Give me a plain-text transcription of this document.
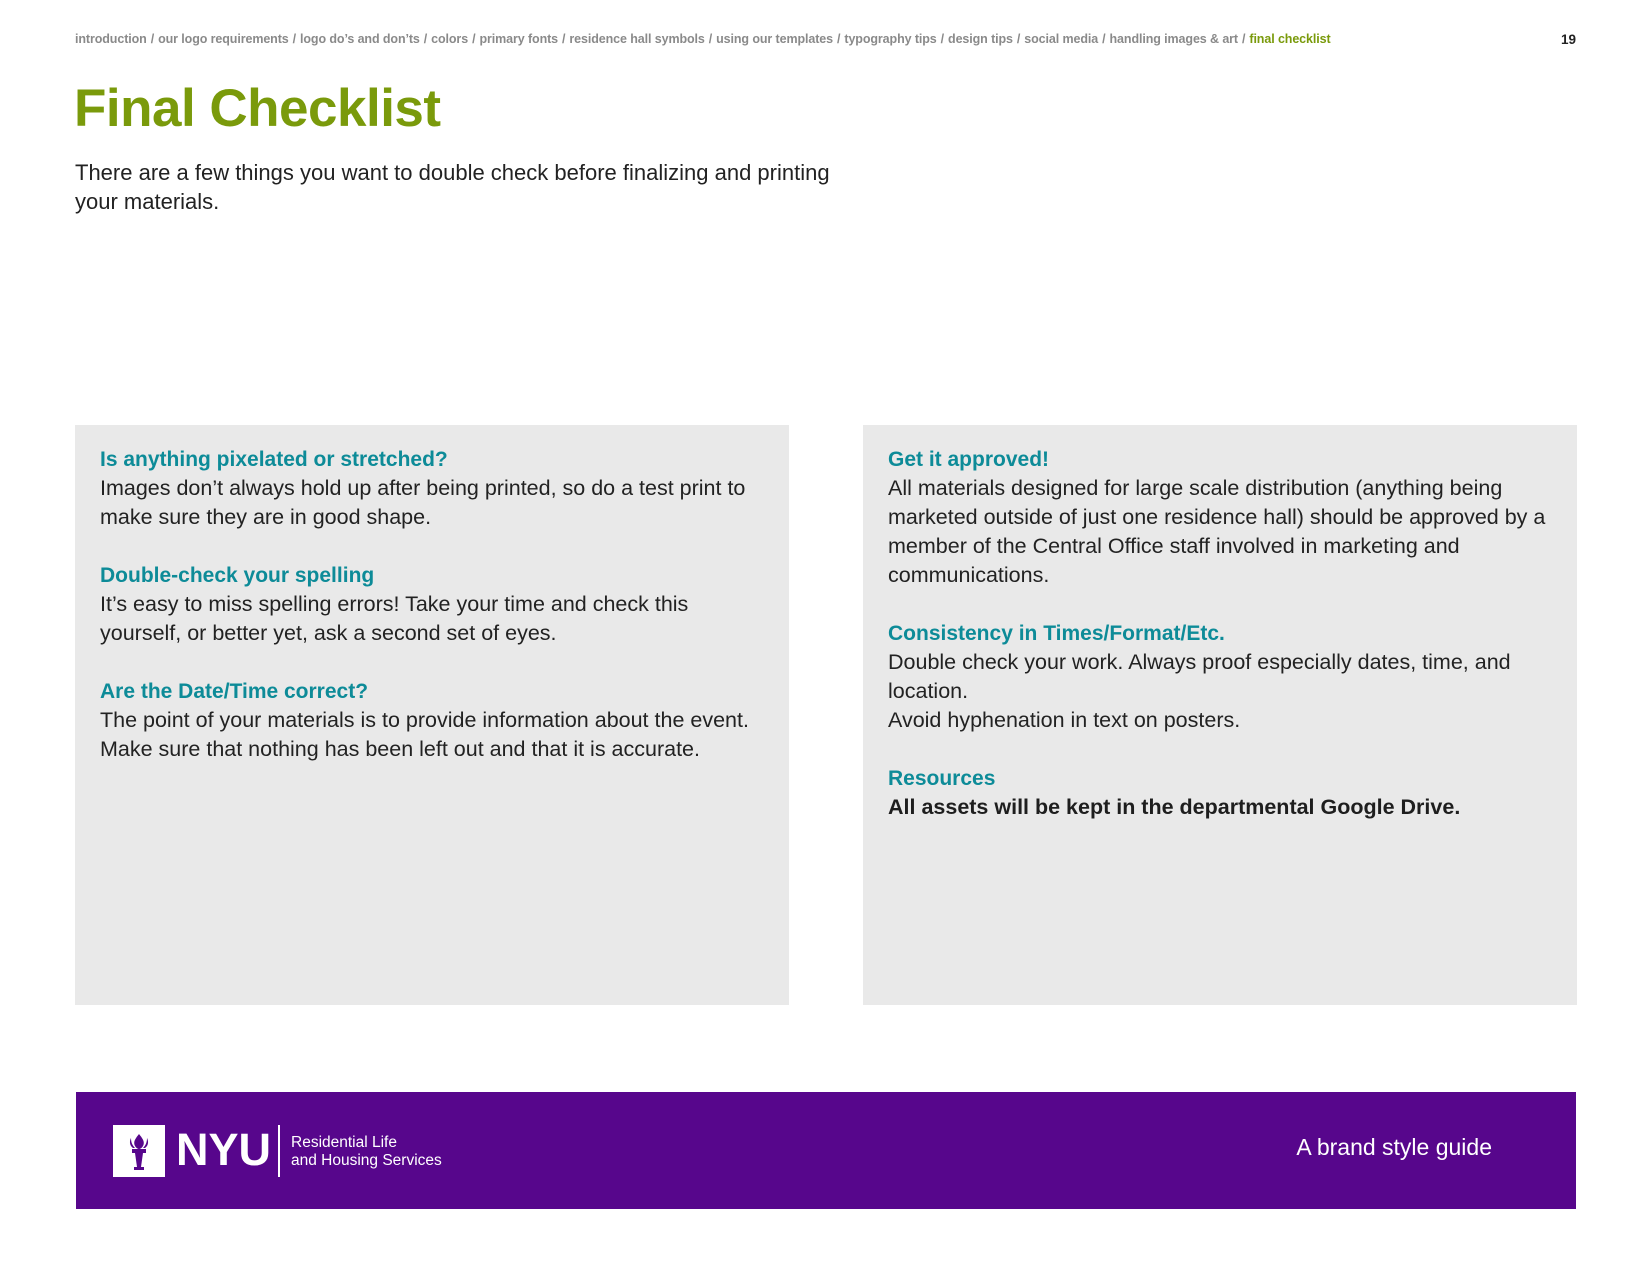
introduction / our logo requirements / logo do’s and don’ts / colors / primary fonts / residence hall symbols / using our templates / typography tips / design tips / social media / handling images & art / final checklist	19
Final Checklist

There are a few things you want to double check before finalizing and printing your materials.

Is anything pixelated or stretched?

Images don’t always hold up after being printed, so do a test print to make sure they are in good shape.

Double-check your spelling

It’s easy to miss spelling errors! Take your time and check this yourself, or better yet, ask a second set of eyes.

Are the Date/Time correct?

The point of your materials is to provide information about the event. Make sure that nothing has been left out and that it is accurate.

Get it approved!

All materials designed for large scale distribution (anything being marketed outside of just one residence hall) should be approved by a member of the Central Office staff involved in marketing and communications.

Consistency in Times/Format/Etc.

Double check your work. Always proof especially dates, time, and location.

Avoid hyphenation in text on posters.

Resources

All assets will be kept in the departmental Google Drive.

NYU Residential Life
and Housing Services
A brand style guide
